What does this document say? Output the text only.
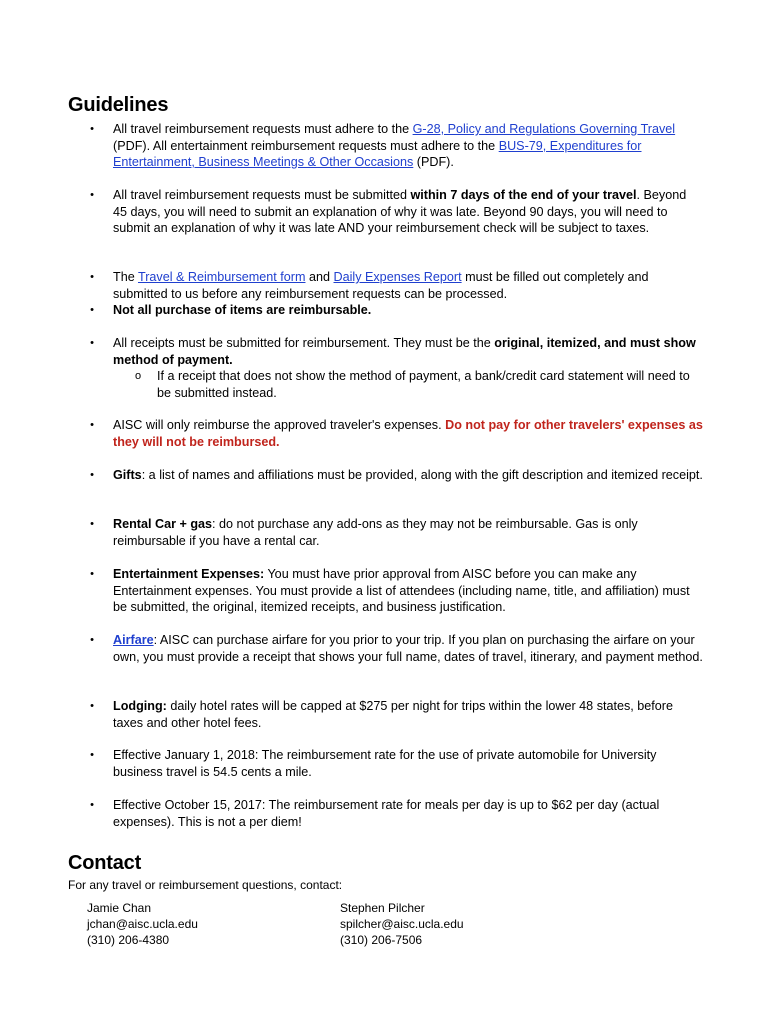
Guidelines
• All travel reimbursement requests must adhere to the G-28, Policy and Regulations Governing Travel (PDF). All entertainment reimbursement requests must adhere to the BUS-79, Expenditures for Entertainment, Business Meetings & Other Occasions (PDF).
• All travel reimbursement requests must be submitted within 7 days of the end of your travel. Beyond 45 days, you will need to submit an explanation of why it was late. Beyond 90 days, you will need to submit an explanation of why it was late AND your reimbursement check will be subject to taxes.
• The Travel & Reimbursement form and Daily Expenses Report must be filled out completely and submitted to us before any reimbursement requests can be processed.
• Not all purchase of items are reimbursable.
• All receipts must be submitted for reimbursement. They must be the original, itemized, and must show method of payment.
o If a receipt that does not show the method of payment, a bank/credit card statement will need to be submitted instead.
• AISC will only reimburse the approved traveler's expenses. Do not pay for other travelers' expenses as they will not be reimbursed.
• Gifts: a list of names and affiliations must be provided, along with the gift description and itemized receipt.
• Rental Car + gas: do not purchase any add-ons as they may not be reimbursable. Gas is only reimbursable if you have a rental car.
• Entertainment Expenses: You must have prior approval from AISC before you can make any Entertainment expenses. You must provide a list of attendees (including name, title, and affiliation) must be submitted, the original, itemized receipts, and business justification.
• Airfare: AISC can purchase airfare for you prior to your trip. If you plan on purchasing the airfare on your own, you must provide a receipt that shows your full name, dates of travel, itinerary, and payment method.
• Lodging: daily hotel rates will be capped at $275 per night for trips within the lower 48 states, before taxes and other hotel fees.
• Effective January 1, 2018: The reimbursement rate for the use of private automobile for University business travel is 54.5 cents a mile.
• Effective October 15, 2017: The reimbursement rate for meals per day is up to $62 per day (actual expenses). This is not a per diem!
Contact
For any travel or reimbursement questions, contact:
Jamie Chan
jchan@aisc.ucla.edu
(310) 206-4380
Stephen Pilcher
spilcher@aisc.ucla.edu
(310) 206-7506
